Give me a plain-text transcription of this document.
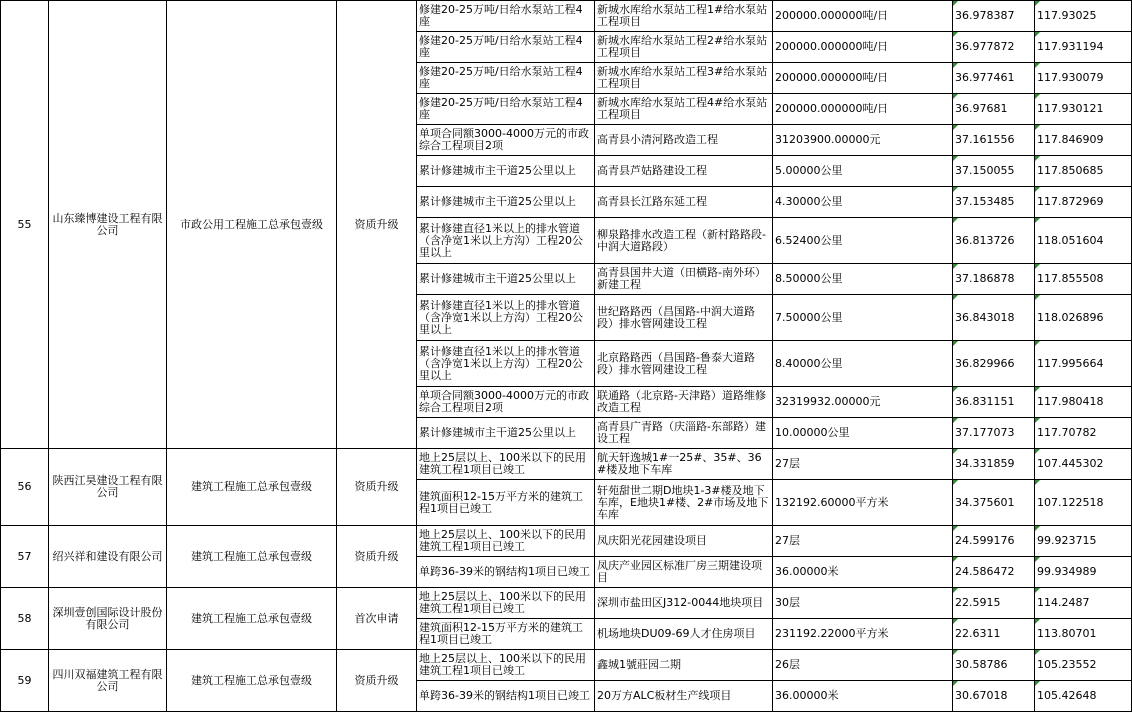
55	山东臻博建设工程有限公司	市政公用工程施工总承包壹级	资质升级	修建20-25万吨/日给水泵站工程4座	新城水库给水泵站工程1#给水泵站工程项目	200000.000000吨/日	36.978387	117.93025

				修建20-25万吨/日给水泵站工程4座	新城水库给水泵站工程2#给水泵站工程项目	200000.000000吨/日	36.977872	117.931194

				修建20-25万吨/日给水泵站工程4座	新城水库给水泵站工程3#给水泵站工程项目	200000.000000吨/日	36.977461	117.930079

				修建20-25万吨/日给水泵站工程4座	新城水库给水泵站工程4#给水泵站工程项目	200000.000000吨/日	36.97681	117.930121

				单项合同额3000-4000万元的市政综合工程项目2项	高青县小清河路改造工程	31203900.00000元	37.161556	117.846909

				累计修建城市主干道25公里以上	高青县芦姑路建设工程	5.00000公里	37.150055	117.850685

				累计修建城市主干道25公里以上	高青县长江路东延工程	4.30000公里	37.153485	117.872969

				累计修建直径1米以上的排水管道（含净宽1米以上方沟）工程20公里以上	柳泉路排水改造工程（新村路路段-中润大道路段）	6.52400公里	36.813726	118.051604

				累计修建城市主干道25公里以上	高青县国井大道（田横路-南外环）新建工程	8.50000公里	37.186878	117.855508

				累计修建直径1米以上的排水管道（含净宽1米以上方沟）工程20公里以上	世纪路路西（昌国路-中润大道路段）排水管网建设工程	7.50000公里	36.843018	118.026896

				累计修建直径1米以上的排水管道（含净宽1米以上方沟）工程20公里以上	北京路路西（昌国路-鲁泰大道路段）排水管网建设工程	8.40000公里	36.829966	117.995664

				单项合同额3000-4000万元的市政综合工程项目2项	联通路（北京路-天津路）道路维修改造工程	32319932.00000元	36.831151	117.980418

				累计修建城市主干道25公里以上	高青县广青路（庆淄路-东部路）建设工程	10.00000公里	37.177073	117.70782
56	陕西江昊建设工程有限公司	建筑工程施工总承包壹级	资质升级	地上25层以上、100米以下的民用建筑工程1项目已竣工	航天轩逸城1#一25#、35#、36#楼及地下车库	27层	34.331859	107.445302

				建筑面积12-15万平方米的建筑工程1项目已竣工	轩苑甜世二期D地块1-3#楼及地下车库，E地块1#楼、2#市场及地下车库	132192.60000平方米	34.375601	107.122518
57	绍兴祥和建设有限公司	建筑工程施工总承包壹级	资质升级	地上25层以上、100米以下的民用建筑工程1项目已竣工	凤庆阳光花园建设项目	27层	24.599176	99.923715

				单跨36-39米的钢结构1项目已竣工	凤庆产业园区标准厂房三期建设项目	36.00000米	24.586472	99.934989
58	深圳壹创国际设计股份有限公司	建筑工程施工总承包壹级	首次申请	地上25层以上、100米以下的民用建筑工程1项目已竣工	深圳市盐田区J312-0044地块项目	30层	22.5915	114.2487

				建筑面积12-15万平方米的建筑工程1项目已竣工	机场地块DU09-69人才住房项目	231192.22000平方米	22.6311	113.80701
59	四川双福建筑工程有限公司	建筑工程施工总承包壹级	资质升级	地上25层以上、100米以下的民用建筑工程1项目已竣工	鑫城1號莊园二期	26层	30.58786	105.23552

				单跨36-39米的钢结构1项目已竣工	20万方ALC板材生产线项目	36.00000米	30.67018	105.42648
